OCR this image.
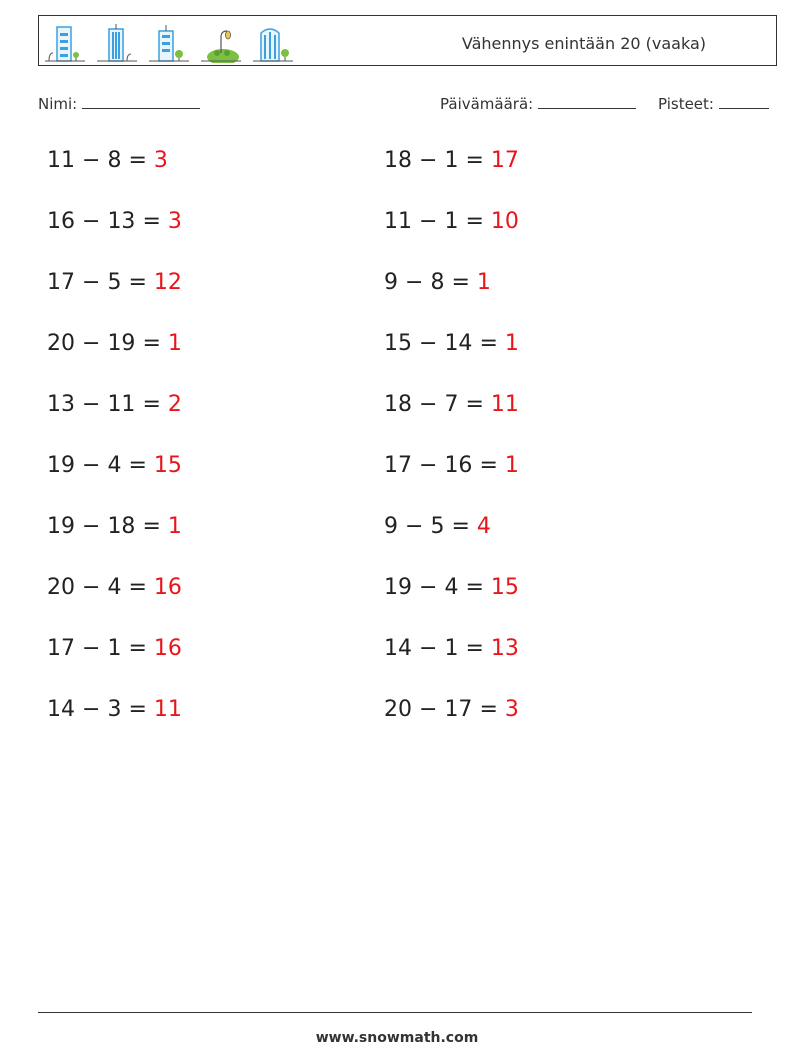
Vähennys enintään 20 (vaaka)
Nimi:	Päivämäärä:	Pisteet:
11 − 8 = 3	18 − 1 = 17
16 − 13 = 3	11 − 1 = 10
17 − 5 = 12	9 − 8 = 1
20 − 19 = 1	15 − 14 = 1
13 − 11 = 2	18 − 7 = 11
19 − 4 = 15	17 − 16 = 1
19 − 18 = 1	9 − 5 = 4
20 − 4 = 16	19 − 4 = 15
17 − 1 = 16	14 − 1 = 13
14 − 3 = 11	20 − 17 = 3
www.snowmath.com
